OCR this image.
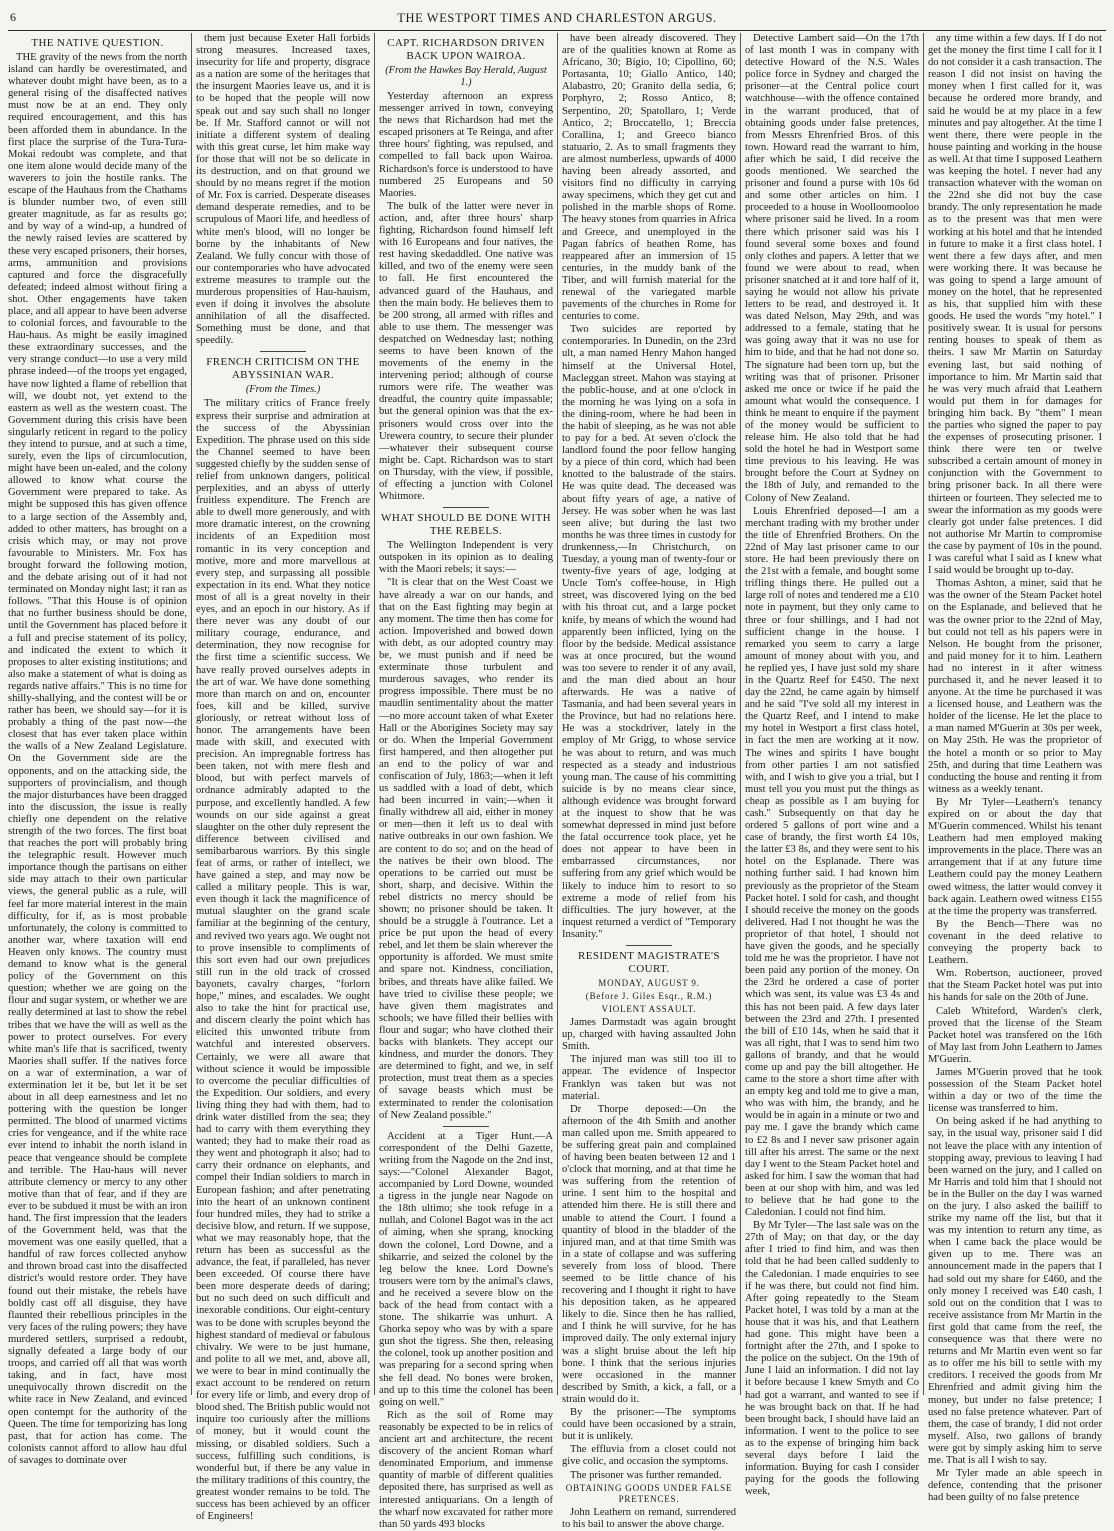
6	THE WESTPORT TIMES AND CHARLESTON ARGUS.
THE NATIVE QUESTION.

THE gravity of the news from the north island can hardly be overestimated, and whatever doubt might have been, as to a general rising of the disaffected natives must now be at an end. They only required encouragement, and this has been afforded them in abundance. In the first place the surprise of the Tura-Tura-Mokai redoubt was complete, and that one item alone would decide many of the waverers to join the hostile ranks. The escape of the Hauhaus from the Chathams is blunder number two, of even still greater magnitude, as far as results go; and by way of a wind-up, a hundred of the newly raised levies are scattered by these very escaped prisoners, their horses, arms, ammunition and provisions captured and force the disgracefully defeated; indeed almost without firing a shot. Other engagements have taken place, and all appear to have been adverse to colonial forces, and favourable to the Hau-haus. As might be easily imagined these extraordinary successes, and the very strange conduct—to use a very mild phrase indeed—of the troops yet engaged, have now lighted a flame of rebellion that will, we doubt not, yet extend to the eastern as well as the western coast. The Government during this crisis have been singularly reticent in regard to the policy they intend to pursue, and at such a time, surely, even the lips of circumlocution, might have been un-ealed, and the colony allowed to know what course the Government were prepared to take. As might be supposed this has given offence to a large section of the Assembly and, added to other matters, has brought on a crisis which may, or may not prove favourable to Ministers. Mr. Fox has brought forward the following motion, and the debate arising out of it had not terminated on Monday night last; it ran as follows. "That this House is of opinion that no further business should be done, until the Government has placed before it a full and precise statement of its policy, and indicated the extent to which it proposes to alter existing institutions; and also make a statement of what is doing as regards native affairs." This is no time for shilly-shallying, and the contest will be or rather has been, we should say—for it is probably a thing of the past now—the closest that has ever taken place within the walls of a New Zealand Legislature. On the Government side are the opponents, and on the attacking side, the supporters of provincialism, and though the major disturbances have been dragged into the discussion, the issue is really chiefly one dependent on the relative strength of the two forces. The first boat that reaches the port will probably bring the telegraphic result. However much importance though the partisans on either side may attach to their own particular views, the general public as a rule, will feel far more material interest in the main difficulty, for if, as is most probable unfortunately, the colony is committed to another war, where taxation will end Heaven only knows. The country must demand to know what is the general policy of the Government on this question; whether we are going on the flour and sugar system, or whether we are really determined at last to show the rebel tribes that we have the will as well as the power to protect ourselves. For every white man's life that is sacrificed, twenty Maories shall suffer. If the natives force on a war of extermination, a war of extermination let it be, but let it be set about in all deep earnestness and let no pottering with the question be longer permitted. The blood of unarmed victims cries for vengeance, and if the white race ever intend to inhabit the north island in peace that vengeance should be complete and terrible. The Hau-haus will never attribute clemency or mercy to any other motive than that of fear, and if they are ever to be subdued it must be with an iron hand. The first impression that the leaders of the Government held, was that the movement was one easily quelled, that a handful of raw forces collected anyhow and thrown broad cast into the disaffected district's would restore order. They have found out their mistake, the rebels have boldly cast off all disguise, they have flaunted their rebellious principles in the very faces of the ruling powers; they have murdered settlers, surprised a redoubt, signally defeated a large body of our troops, and carried off all that was worth taking, and in fact, have most unequivocally thrown discredit on the white race in New Zealand, and evinced open contempt for the authority of the Queen. The time for temporizing has long past, that for action has come. The colonists cannot afford to allow hau dful of savages to dominate over

them just because Exeter Hall forbids strong measures. Increased taxes, insecurity for life and property, disgrace as a nation are some of the heritages that the insurgent Maories leave us, and it is to be hoped that the people will now speak out and say such shall no longer be. If Mr. Stafford cannot or will not initiate a different system of dealing with this great curse, let him make way for those that will not be so delicate in its destruction, and on that ground we should by no means regret if the motion of Mr. Fox is carried. Desperate diseases demand desperate remedies, and to be scrupulous of Maori life, and heedless of white men's blood, will no longer be borne by the inhabitants of New Zealand. We fully concur with those of our contemporaries who have advocated extreme measures to trample out the murderous propensities of Hau-hauism, even if doing it involves the absolute annihilation of all the disaffected. Something must be done, and that speedily.

FRENCH CRITICISM ON THE ABYSSINIAN WAR.
(From the Times.)

The military critics of France freely express their surprise and admiration at the success of the Abyssinian Expedition. The phrase used on this side the Channel seemed to have been suggested chiefly by the sudden sense of relief from unknown dangers, political perplexities, and an abyss of utterly fruitless expenditure. The French are able to dwell more generously, and with more dramatic interest, on the crowning incidents of an Expedition most romantic in its very conception and motive, more and more marvellous at every step, and surpassing all possible expectation in its end. What they notice most of all is a great novelty in their eyes, and an epoch in our history. As if there never was any doubt of our military courage, endurance, and determination, they now recognise for the first time a scientific success. We have really proved ourselves adepts in the art of war. We have done something more than march on and on, encounter foes, kill and be killed, survive gloriously, or retreat without loss of honor. The arrangements have been made with skill, and executed with precision. An impregnable fortress has been taken, not with mere flesh and blood, but with perfect marvels of ordnance admirably adapted to the purpose, and excellently handled. A few wounds on our side against a great slaughter on the other duly represent the difference between civilised and semibarbarous warriors. By this single feat of arms, or rather of intellect, we have gained a step, and may now be called a military people. This is war, even though it lack the magnificence of mutual slaughter on the grand scale familiar at the beginning of the century, and revived two years ago. We ought not to prove insensible to compliments of this sort even had our own prejudices still run in the old track of crossed bayonets, cavalry charges, "forlorn hope," mines, and escalades. We ought also to take the hint for practical use, and discern clearly the point which has elicited this unwonted tribute from watchful and interested observers. Certainly, we were all aware that without science it would be impossible to overcome the peculiar difficulties of the Expedition. Our soldiers, and every living thing they had with them, had to drink water distilled from the sea; they had to carry with them everything they wanted; they had to make their road as they went and photograph it also; had to carry their ordnance on elephants, and compel their Indian soldiers to march in European fashion; and after penetrating into the heart of an unknown continent four hundred miles, they had to strike a decisive blow, and return. If we suppose, what we may reasonably hope, that the return has been as successful as the advance, the feat, if paralleled, has never been exceeded. Of course there have been more desperate deeds of daring; but no such deed on such difficult and inexorable conditions. Our eight-century was to be done with scruples beyond the highest standard of medieval or fabulous chivalry. We were to be just humane, and polite to all we met, and, above all, we were to bear in mind continually the exact account to be rendered on return for every life or limb, and every drop of blood shed. The British public would not inquire too curiously after the millions of money, but it would count the missing, or disabled soldiers. Such a success, fulfilling such conditions, is wonderful but, if there be any value in the military traditions of this country, the greatest wonder remains to be told. The success has been achieved by an officer of Engineers!

CAPT. RICHARDSON DRIVEN BACK UPON WAIROA.
(From the Hawkes Bay Herald, August 1.)

Yesterday afternoon an express messenger arrived in town, conveying the news that Richardson had met the escaped prisoners at Te Reinga, and after three hours' fighting, was repulsed, and compelled to fall back upon Wairoa. Richardson's force is understood to have numbered 25 Europeans and 50 Maories.

The bulk of the latter were never in action, and, after three hours' sharp fighting, Richardson found himself left with 16 Europeans and four natives, the rest having skedaddled. One native was killed, and two of the enemy were seen to fall. He first encountered the advanced guard of the Hauhaus, and then the main body. He believes them to be 200 strong, all armed with rifles and able to use them. The messenger was despatched on Wednesday last; nothing seems to have been known of the movements of the enemy in the intervening period; although of course rumors were rife. The weather was dreadful, the country quite impassable; but the general opinion was that the ex-prisoners would cross over into the Urewera country, to secure their plunder—whatever their subsequent course might be. Capt. Richardson was to start on Thursday, with the view, if possible, of effecting a junction with Colonel Whitmore.

WHAT SHOULD BE DONE WITH THE REBELS.

The Wellington Independent is very outspoken in its opinion as to dealing with the Maori rebels; it says:—

"It is clear that on the West Coast we have already a war on our hands, and that on the East fighting may begin at any moment. The time then has come for action. Impoverished and bowed down with debt, as our adopted country may be, we must punish and if need be exterminate those turbulent and murderous savages, who render its progress impossible. There must be no maudlin sentimentality about the matter—no more account taken of what Exeter Hall or the Aborigines Society may say or do. When the Imperial Government first hampered, and then altogether put an end to the policy of war and confiscation of July, 1863;—when it left us saddled with a load of debt, which had been incurred in vain;—when it finally withdrew all aid, either in money or men—then it left us to deal with native outbreaks in our own fashion. We are content to do so; and on the head of the natives be their own blood. The operations to be carried out must be short, sharp, and decisive. Within the rebel districts no mercy should be shown; no prisoner should be taken. It should be a struggle à l'outrance. Let a price be put upon the head of every rebel, and let them be slain wherever the opportunity is afforded. We must smite and spare not. Kindness, conciliation, bribes, and threats have alike failed. We have tried to civilise these people; we have given them magistrates and schools; we have filled their bellies with flour and sugar; who have clothed their backs with blankets. They accept our kindness, and murder the donors. They are determined to fight, and we, in self protection, must treat them as a species of savage beasts which must be exterminated to render the colonisation of New Zealand possible."

Accident at a Tiger Hunt.—A correspondent of the Delhi Gazette, writing from the Nagode on the 2nd inst, says:—"Colonel Alexander Bagot, accompanied by Lord Downe, wounded a tigress in the jungle near Nagode on the 18th ultimo; she took refuge in a nullah, and Colonel Bagot was in the act of aiming, when she sprang, knocking down the colonel, Lord Downe, and a shikarrie, and seized the colonel by the leg below the knee. Lord Downe's trousers were torn by the animal's claws, and he received a severe blow on the back of the head from contact with a stone. The shikarrie was unhurt. A Ghorka sepoy who was by with a spare gun shot the tigress. She then, releasing the colonel, took up another position and was preparing for a second spring when she fell dead. No bones were broken, and up to this time the colonel has been going on well."

Rich as the soil of Rome may reasonably be expected to be in relics of ancient art and architecture, the recent discovery of the ancient Roman wharf denominated Emporium, and immense quantity of marble of different qualities deposited there, has surprised as well as interested antiquarians. On a length of the wharf now excavated for rather more than 50 yards 493 blocks

have been already discovered. They are of the qualities known at Rome as Africano, 30; Bigio, 10; Cipollino, 60; Portasanta, 10; Giallo Antico, 140; Alabastro, 20; Granito della sedia, 6; Porphyro, 2; Rosso Antico, 8; Serpentino, 20; Spatollaro, 1; Verde Antico, 2; Broccatello, 1; Breccia Corallina, 1; and Greeco bianco statuario, 2. As to small fragments they are almost numberless, upwards of 4000 having been already assorted, and visitors find no difficulty in carrying away specimens, which they get cut and polished in the marble shops of Rome. The heavy stones from quarries in Africa and Greece, and unemployed in the Pagan fabrics of heathen Rome, has reappeared after an immersion of 15 centuries, in the muddy bank of the Tiber, and will furnish material for the renewal of the variegated marble pavements of the churches in Rome for centuries to come.

Two suicides are reported by contemporaries. In Dunedin, on the 23rd ult, a man named Henry Mahon hanged himself at the Universal Hotel, Macleggan street. Mahon was staying at the public-house, and at one o'clock in the morning he was lying on a sofa in the dining-room, where he had been in the habit of sleeping, as he was not able to pay for a bed. At seven o'clock the landlord found the poor fellow hanging by a piece of thin cord, which had been knotted to the balustrade of the stairs. He was quite dead. The deceased was about fifty years of age, a native of Jersey. He was sober when he was last seen alive; but during the last two months he was three times in custody for drunkenness,—In Christchurch, on Tuesday, a young man of twenty-four or twenty-five years of age, lodging at Uncle Tom's coffee-house, in High street, was discovered lying on the bed with his throat cut, and a large pocket knife, by means of which the wound had apparently been inflicted, lying on the floor by the bedside. Medical assistance was at once procured, but the wound was too severe to render it of any avail, and the man died about an hour afterwards. He was a native of Tasmania, and had been several years in the Province, but had no relations here. He was a stockdriver, lately in the employ of Mr Grigg, to whose service he was about to return, and was much respected as a steady and industrious young man. The cause of his committing suicide is by no means clear since, although evidence was brought forward at the inquest to show that he was somewhat depressed in mind just before the fatal occurrence took place, yet he does not appear to have been in embarrassed circumstances, nor suffering from any grief which would be likely to induce him to resort to so extreme a mode of relief from his difficulties. The jury however, at the inquest returned a verdict of "Temporary Insanity."

RESIDENT MAGISTRATE'S COURT.
MONDAY, AUGUST 9.
(Before J. Giles Esqr., R.M.)
VIOLENT ASSAULT.

James Darmstadt was again brought up, charged with having assaulted John Smith.

The injured man was still too ill to appear. The evidence of Inspector Franklyn was taken but was not material.

Dr Thorpe deposed:—On the afternoon of the 4th Smith and another man called upon me. Smith appeared to be suffering great pain and complained of having been beaten between 12 and 1 o'clock that morning, and at that time he was suffering from the retention of urine. I sent him to the hospital and attended him there. He is still there and unable to attend the Court. I found a quantity of blood in the bladder of the injured man, and at that time Smith was in a state of collapse and was suffering severely from loss of blood. There seemed to be little chance of his recovering and I thought it right to have his deposition taken, as he appeared likely to die. Since then he has rallied, and I think he will survive, for he has improved daily. The only external injury was a slight bruise about the left hip bone. I think that the serious injuries were occasioned in the manner described by Smith, a kick, a fall, or a strain would do it.

By the prisoner:—The symptoms could have been occasioned by a strain, but it is unlikely.

The effluvia from a closet could not give colic, and occasion the symptoms.

The prisoner was further remanded.

OBTAINING GOODS UNDER FALSE PRETENCES.

John Leathern on remand, surrendered to his bail to answer the above charge.

Detective Lambert said—On the 17th of last month I was in company with detective Howard of the N.S. Wales police force in Sydney and charged the prisoner—at the Central police court watchhouse—with the offence contained in the warrant produced, that of obtaining goods under false pretences, from Messrs Ehrenfried Bros. of this town. Howard read the warrant to him, after which he said, I did receive the goods mentioned. We searched the prisoner and found a purse with 10s 6d and some other articles on him. I proceeded to a house in Woolloomooloo where prisoner said he lived. In a room there which prisoner said was his I found several some boxes and found only clothes and papers. A letter that we found we were about to read, when prisoner snatched at it and tore half of it, saying he would not allow his private letters to be read, and destroyed it. It was dated Nelson, May 29th, and was addressed to a female, stating that he was going away that it was no use for him to bide, and that he had not done so. The signature had been torn up, but the writing was that of prisoner. Prisoner asked me once or twice if he paid the amount what would the consequence. I think he meant to enquire if the payment of the money would be sufficient to release him. He also told that he had sold the hotel he had in Westport some time previous to his leaving. He was brought before the Court at Sydney on the 18th of July, and remanded to the Colony of New Zealand.

Louis Ehrenfried deposed—I am a merchant trading with my brother under the title of Ehrenfried Brothers. On the 22nd of May last prisoner came to our store. He had been previously there on the 21st with a female, and bought some trifling things there. He pulled out a large roll of notes and tendered me a £10 note in payment, but they only came to three or four shillings, and I had not sufficient change in the house. I remarked you seem to carry a large amount of money about with you, and he replied yes, I have just sold my share in the Quartz Reef for £450. The next day the 22nd, he came again by himself and he said "I've sold all my interest in the Quartz Reef, and I intend to make my hotel in Westport a first class hotel, in fact the men are working at it now. The wines and spirits I have bought from other parties I am not satisfied with, and I wish to give you a trial, but I must tell you you must put the things as cheap as possible as I am buying for cash." Subsequently on that day he ordered 5 gallons of port wine and a case of brandy, the first worth £4 10s, the latter £3 8s, and they were sent to his hotel on the Esplanade. There was nothing further said. I had known him previously as the proprietor of the Steam Packet hotel. I sold for cash, and thought I should receive the money on the goods delivered. Had I not thought he was the proprietor of that hotel, I should not have given the goods, and he specially told me he was the proprietor. I have not been paid any portion of the money. On the 23rd he ordered a case of porter which was sent, its value was £3 4s and this has not been paid. A few days later between the 23rd and 27th. I presented the bill of £10 14s, when he said that it was all right, that I was to send him two gallons of brandy, and that he would come up and pay the bill altogether. He came to the store a short time after with an empty keg and told me to give a man, who was with him, the brandy, and he would be in again in a minute or two and pay me. I gave the brandy which came to £2 8s and I never saw prisoner again till after his arrest. The same or the next day I went to the Steam Packet hotel and asked for him. I saw the woman that had been at our shop with him, and was led to believe that he had gone to the Caledonian. I could not find him.

By Mr Tyler—The last sale was on the 27th of May; on that day, or the day after I tried to find him, and was then told that he had been called suddenly to the Caledonian. I made enquiries to see if he was there, but could not find him. After going repeatedly to the Steam Packet hotel, I was told by a man at the house that it was his, and that Leathern had gone. This might have been a fortnight after the 27th, and I spoke to the police on the subject. On the 19th of June I laid an information. I did not lay it before because I knew Smyth and Co had got a warrant, and wanted to see if he was brought back on that. If he had been brought back, I should have laid an information. I went to the police to see as to the expense of bringing him back several days before I laid the information. Buying for cash I consider paying for the goods the following week,

any time within a few days. If I do not get the money the first time I call for it I do not consider it a cash transaction. The reason I did not insist on having the money when I first called for it, was because he ordered more brandy, and said he would be at my place in a few minutes and pay altogether. At the time I went there, there were people in the house painting and working in the house as well. At that time I supposed Leathern was keeping the hotel. I never had any transaction whatever with the woman on the 22nd she did not buy the case brandy. The only representation he made as to the present was that men were working at his hotel and that he intended in future to make it a first class hotel. I went there a few days after, and men were working there. It was because he was going to spend a large amount of money on the hotel, that he represented as his, that supplied him with these goods. He used the words "my hotel." I positively swear. It is usual for persons renting houses to speak of them as theirs. I saw Mr Martin on Saturday evening last, but said nothing of importance to him. Mr Martin said that he was very much afraid that Leathern would put them in for damages for bringing him back. By "them" I mean the parties who signed the paper to pay the expenses of prosecuting prisoner. I think there were ten or twelve subscribed a certain amount of money in conjunction with the Government to bring prisoner back. In all there were thirteen or fourteen. They selected me to swear the information as my goods were clearly got under false pretences. I did not authorise Mr Martin to compromise the case by payment of 10s in the pound. I was careful what I said as I knew what I said would be brought up to-day.

Thomas Ashton, a miner, said that he was the owner of the Steam Packet hotel on the Esplanade, and believed that he was the owner prior to the 22nd of May, but could not tell as his papers were in Nelson. He bought from the prisoner, and paid money for it to him. Leathern had no interest in it after witness purchased it, and he never leased it to anyone. At the time he purchased it was a licensed house, and Leathern was the holder of the license. He let the place to a man named M'Guerin at 30s per week, on May 25th. He was the proprietor of the hotel a month or so prior to May 25th, and during that time Leathern was conducting the house and renting it from witness as a weekly tenant.

By Mr Tyler—Leathern's tenancy expired on or about the day that M'Guerin commenced. Whilst his tenant Leathern had men employed making improvements in the place. There was an arrangement that if at any future time Leathern could pay the money Leathern owed witness, the latter would convey it back again. Leathern owed witness £155 at the time the property was transferred.

By the Bench—There was no covenant in the deed relative to conveying the property back to Leathern.

Wm. Robertson, auctioneer, proved that the Steam Packet hotel was put into his hands for sale on the 20th of June.

Caleb Whiteford, Warden's clerk, proved that the license of the Steam Packet hotel was transfered on the 16th of May last from John Leathern to James M'Guerin.

James M'Guerin proved that he took possession of the Steam Packet hotel within a day or two of the time the license was transferred to him.

On being asked if he had anything to say, in the usual way, prisoner said I did not leave the place with any intention of stopping away, previous to leaving I had been warned on the jury, and I called on Mr Harris and told him that I should not be in the Buller on the day I was warned on the jury. I also asked the bailiff to strike my name off the list, but that it was my intention to return any time, as when I came back the place would be given up to me. There was an announcement made in the papers that I had sold out my share for £460, and the only money I received was £40 cash, I sold out on the condition that I was to receive assistance from Mr Martin in the first gold that came from the reef, the consequence was that there were no returns and Mr Martin even went so far as to offer me his bill to settle with my creditors. I received the goods from Mr Ehrenfried and admit giving him the money, but under no false pretence; I used no false pretence whatever. Part of them, the case of brandy, I did not order myself. Also, two gallons of brandy were got by simply asking him to serve me. That is all I wish to say.

Mr Tyler made an able speech in defence, contending that the prisoner had been guilty of no false pretence
